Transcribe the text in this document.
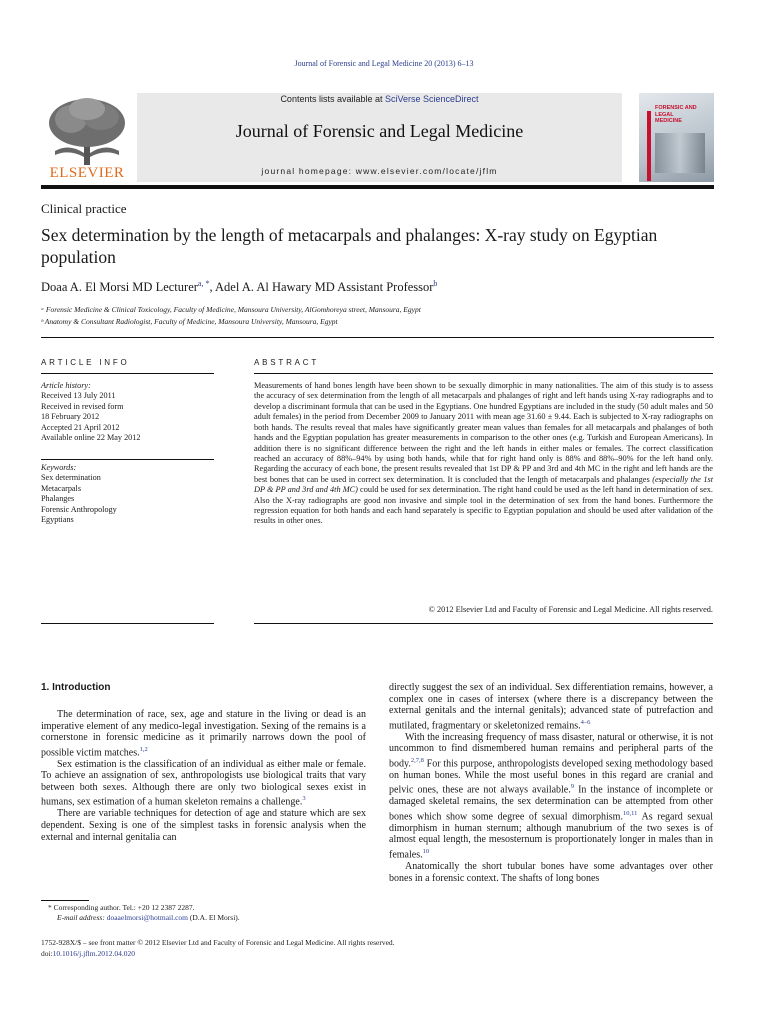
Journal of Forensic and Legal Medicine 20 (2013) 6–13
ELSEVIER
Contents lists available at SciVerse ScienceDirect
Journal of Forensic and Legal Medicine
journal homepage: www.elsevier.com/locate/jflm
FORENSIC AND LEGAL MEDICINE
Clinical practice
Sex determination by the length of metacarpals and phalanges: X-ray study on Egyptian population
Doaa A. El Morsi MD Lecturer$^{a, *}$, Adel A. Al Hawary MD Assistant Professor$^b$
ᵃ Forensic Medicine & Clinical Toxicology, Faculty of Medicine, Mansoura University, AlGomhoreya street, Mansoura, Egypt
ᵇ Anatomy & Consultant Radiologist, Faculty of Medicine, Mansoura University, Mansoura, Egypt
ARTICLE INFO
Article history:
Received 13 July 2011
Received in revised form
18 February 2012
Accepted 21 April 2012
Available online 22 May 2012
Keywords:
Sex determination
Metacarpals
Phalanges
Forensic Anthropology
Egyptians
ABSTRACT
Measurements of hand bones length have been shown to be sexually dimorphic in many nationalities. The aim of this study is to assess the accuracy of sex determination from the length of all metacarpals and phalanges of right and left hands using X-ray radiographs and to develop a discriminant formula that can be used in the Egyptians. One hundred Egyptians are included in the study (50 adult males and 50 adult females) in the period from December 2009 to January 2011 with mean age 31.60 ± 9.44. Each is subjected to X-ray radiographs on both hands. The results reveal that males have significantly greater mean values than females for all metacarpals and phalanges of both hands and the Egyptian population has greater measurements in comparison to the other ones (e.g. Turkish and European Americans). In addition there is no significant difference between the right and the left hands in either males or females. The correct classification reached an accuracy of 88%–94% by using both hands, while that for right hand only is 88% and 88%–90% for the left hand only. Regarding the accuracy of each bone, the present results revealed that 1st DP & PP and 3rd and 4th MC in the right and left hands are the best bones that can be used in correct sex determination. It is concluded that the length of metacarpals and phalanges (especially the 1st DP & PP and 3rd and 4th MC) could be used for sex determination. The right hand could be used as the left hand in determination of sex. Also the X-ray radiographs are good non invasive and simple tool in the determination of sex from the hand bones. Furthermore the regression equation for both hands and each hand separately is specific to Egyptian population and should be used after validation of the results in other ones.
© 2012 Elsevier Ltd and Faculty of Forensic and Legal Medicine. All rights reserved.
1. Introduction

The determination of race, sex, age and stature in the living or dead is an imperative element of any medico-legal investigation. Sexing of the remains is a cornerstone in forensic medicine as it primarily narrows down the pool of possible victim matches.$^{1,2}$

Sex estimation is the classification of an individual as either male or female. To achieve an assignation of sex, anthropologists use biological traits that vary between both sexes. Although there are only two biological sexes exist in humans, sex estimation of a human skeleton remains a challenge.$^3$

There are variable techniques for detection of age and stature which are sex dependent. Sexing is one of the simplest tasks in forensic analysis when the external and internal genitalia can

directly suggest the sex of an individual. Sex differentiation remains, however, a complex one in cases of intersex (where there is a discrepancy between the external genitals and the internal genitals); advanced state of putrefaction and mutilated, fragmentary or skeletonized remains.$^{4-6}$

With the increasing frequency of mass disaster, natural or otherwise, it is not uncommon to find dismembered human remains and peripheral parts of the body.$^{2,7,8}$ For this purpose, anthropologists developed sexing methodology based on human bones. While the most useful bones in this regard are cranial and pelvic ones, these are not always available.$^9$ In the instance of incomplete or damaged skeletal remains, the sex determination can be attempted from other bones which show some degree of sexual dimorphism.$^{10,11}$ As regard sexual dimorphism in human sternum; although manubrium of the two sexes is of almost equal length, the mesosternum is proportionately longer in males than in females.$^{10}$

Anatomically the short tubular bones have some advantages over other bones in a forensic context. The shafts of long bones

* Corresponding author. Tel.: +20 12 2387 2287.
E-mail address: doaaelmorsi@hotmail.com (D.A. El Morsi).
1752-928X/$ – see front matter © 2012 Elsevier Ltd and Faculty of Forensic and Legal Medicine. All rights reserved.
doi:10.1016/j.jflm.2012.04.020
